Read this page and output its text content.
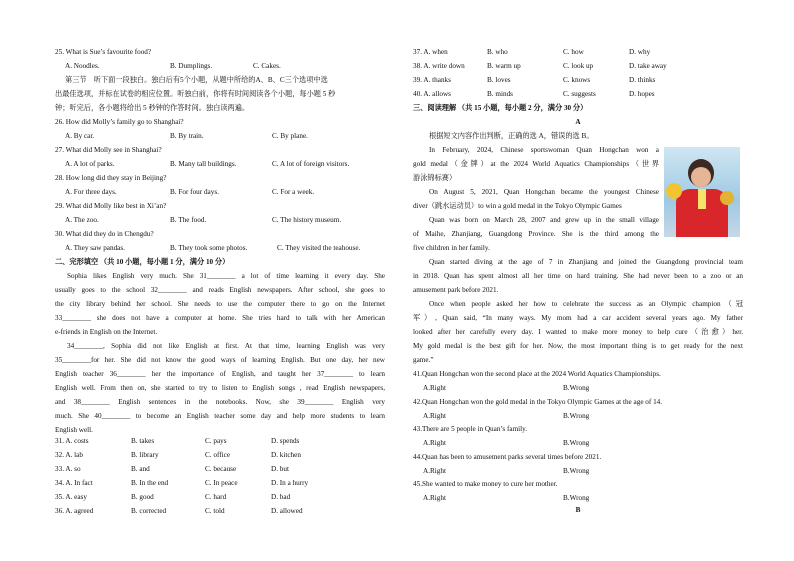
25. What is Sue’s favourite food?
A. Noodles.	B. Dumplings.	C. Cakes.
第三节　听下面一段独白。独白后有5个小题，从题中所给的A、B、C三个选项中选
出最佳选项，并标在试卷的相应位置。听独白前，你将有时间阅读各个小题，每小题 5 秒
钟；听完后，各小题将给出 5 秒钟的作答时间。独白读两遍。
26. How did Molly’s family go to Shanghai?
A. By car.	B. By train.	C. By plane.
27. What did Molly see in Shanghai?
A. A lot of parks.	B. Many tall buildings.	C. A lot of foreign visitors.
28. How long did they stay in Beijing?
A. For three days.	B. For four days.	C. For a week.
29. What did Molly like best in Xi’an?
A. The zoo.	B. The food.	C. The history museum.
30. What did they do in Chengdu?
A. They saw pandas.	B. They took some photos.	C. They visited the teahouse.
二、完形填空 （共 10 小题，每小题 1 分，满分 10 分）
Sophia likes English very much. She 31________ a lot of time learning it every day. She
usually goes to the school 32________ and reads English newspapers. After school, she goes to
the city library behind her school. She needs to use the computer there to go on the Internet
33________ she does not have a computer at home. She tries hard to talk with her American
e-friends in English on the Internet.
34________, Sophia did not like English at first. At that time, learning English was very
35________for her. She did not know the good ways of learning English. But one day, her new
English teacher 36________ her the importance of English, and taught her 37________ to learn
English well. From then on, she started to try to listen to English songs , read English newspapers,
and 38________ English sentences in the notebooks. Now, she 39________ English very
much. She 40________ to become an English teacher some day and help more students to learn
English well.
31. A. costs	B. takes	C. pays	D. spends
32. A. lab	B. library	C. office	D. kitchen
33. A. so	B. and	C. because	D. but
34. A. In fact	B. In the end	C. In peace	D. In a hurry
35. A. easy	B. good	C. hard	D. bad
36. A. agreed	B. corrected	C. told	D. allowed
37. A. when	B. who	C. how	D. why
38. A. write down	B. warm up	C. look up	D. take away
39. A. thanks	B. loves	C. knows	D. thinks
40. A. allows	B. minds	C. suggests	D. hopes
三、阅读理解 （共 15 小题，每小题 2 分，满分 30 分）
A
根据短文内容作出判断，正确的选 A，错误的选 B。
In February, 2024, Chinese sportswoman Quan Hongchan won a
gold medal（金牌）at the 2024 World Aquatics Championships（世界
游泳锦标赛）
On August 5, 2021, Quan Hongchan became the youngest Chinese
diver（跳水运动员）to win a gold medal in the Tokyo Olympic Games
Quan was born on March 28, 2007 and grew up in the small village
of Maihe, Zhanjiang, Guangdong Province. She is the third among the
five children in her family.
Quan started diving at the age of 7 in Zhanjiang and joined the Guangdong provincial team
in 2018. Quan has spent almost all her time on hard training. She had never been to a zoo or an
amusement park before 2021.
Once when people asked her how to celebrate the success as an Olympic champion（冠
军）, Quan said, “In many ways. My mom had a car accident several years ago. My father
looked after her carefully every day. I wanted to make more money to help cure（治愈）her.
My gold medal is the best gift for her. Now, the most important thing is to get ready for the next
game.”
41.Quan Hongchan won the second place at the 2024 World Aquatics Championships.
A.Right	B.Wrong
42.Quan Hongchan won the gold medal in the Tokyo Olympic Games at the age of 14.
A.Right	B.Wrong
43.There are 5 people in Quan’s family.
A.Right	B.Wrong
44.Quan has been to amusement parks several times before 2021.
A.Right	B.Wrong
45.She wanted to make money to cure her mother.
A.Right	B.Wrong
B
